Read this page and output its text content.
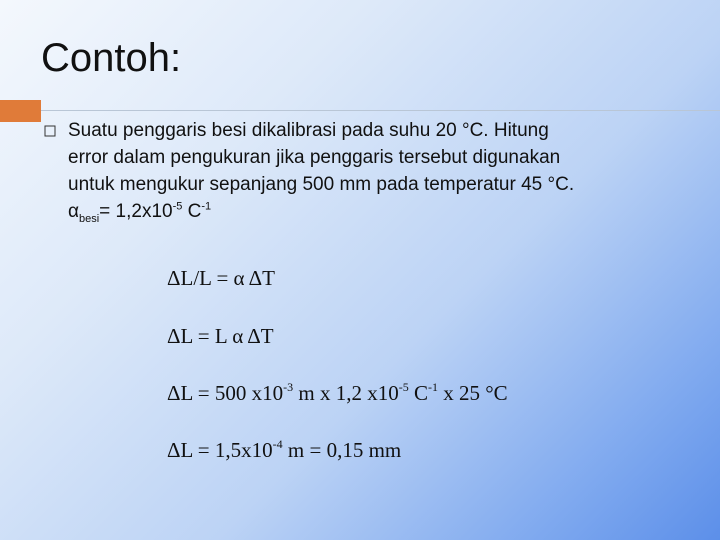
Contoh:
Suatu penggaris besi dikalibrasi pada suhu 20 °C. Hitung
error dalam pengukuran jika penggaris tersebut digunakan
untuk mengukur sepanjang 500 mm pada temperatur 45 °C.
$\alpha_{besi}= 1,2x10^{-5}$ $C^{-1}$
ΔL/L = α ΔT
ΔL = L α ΔT
ΔL = 500 $x10^{-3}$ m x 1,2 $x10^{-5}$ $C^{-1}$ x 25 °C
$\Delta L = 1,5x10^{-4}$ m = 0,15 mm
